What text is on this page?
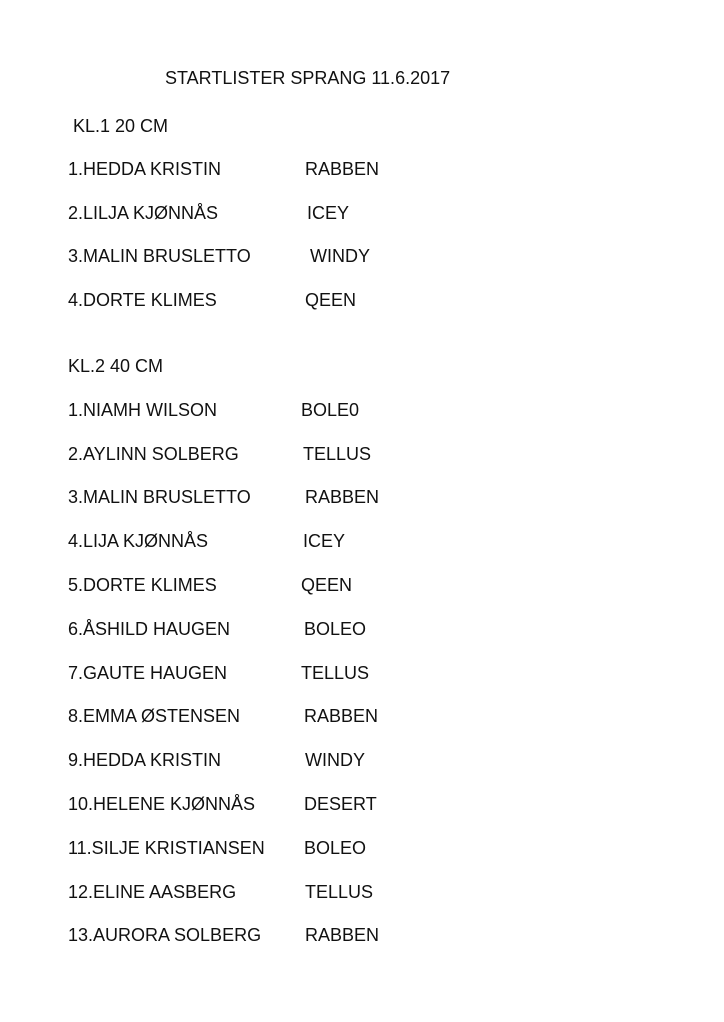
STARTLISTER SPRANG 11.6.2017
KL.1 20 CM
1.HEDDA KRISTIN	RABBEN
2.LILJA KJØNNÅS	ICEY
3.MALIN BRUSLETTO	WINDY
4.DORTE KLIMES	QEEN
KL.2 40 CM
1.NIAMH WILSON	BOLE0
2.AYLINN SOLBERG	TELLUS
3.MALIN BRUSLETTO	RABBEN
4.LIJA KJØNNÅS	ICEY
5.DORTE KLIMES	QEEN
6.ÅSHILD HAUGEN	BOLEO
7.GAUTE HAUGEN	TELLUS
8.EMMA ØSTENSEN	RABBEN
9.HEDDA KRISTIN	WINDY
10.HELENE KJØNNÅS	DESERT
11.SILJE KRISTIANSEN BOLEO
12.ELINE AASBERG	TELLUS
13.AURORA SOLBERG RABBEN
